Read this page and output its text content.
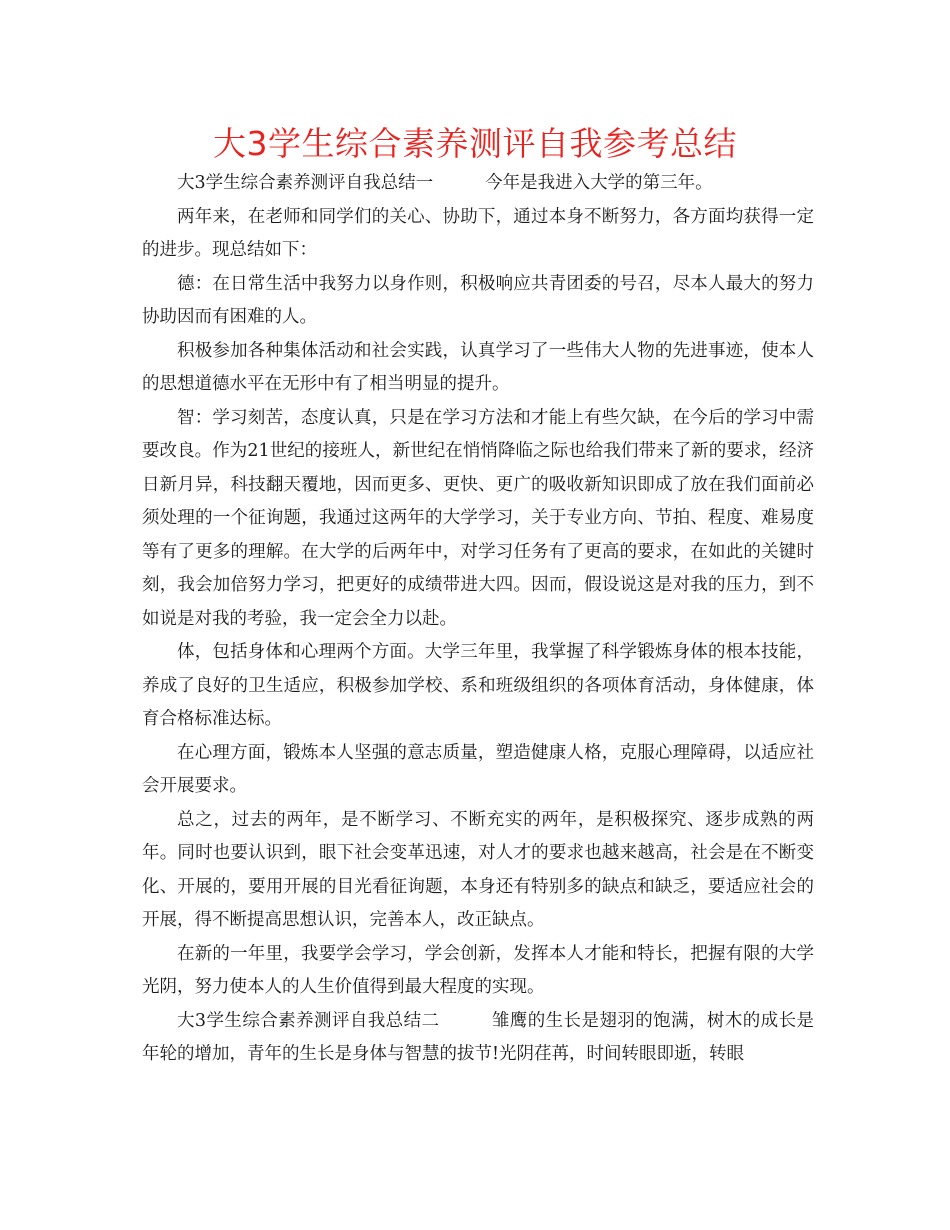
大3学生综合素养测评自我参考总结

大3学生综合素养测评自我总结一	今年是我进入大学的第三年。

两年来，在老师和同学们的关心、协助下，通过本身不断努力，各方面均获得一定的进步。现总结如下：

德：在日常生活中我努力以身作则，积极响应共青团委的号召，尽本人最大的努力协助因而有困难的人。

积极参加各种集体活动和社会实践，认真学习了一些伟大人物的先进事迹，使本人的思想道德水平在无形中有了相当明显的提升。

智：学习刻苦，态度认真，只是在学习方法和才能上有些欠缺，在今后的学习中需要改良。作为21世纪的接班人，新世纪在悄悄降临之际也给我们带来了新的要求，经济日新月异，科技翻天覆地，因而更多、更快、更广的吸收新知识即成了放在我们面前必须处理的一个征询题，我通过这两年的大学学习，关于专业方向、节拍、程度、难易度等有了更多的理解。在大学的后两年中，对学习任务有了更高的要求，在如此的关键时刻，我会加倍努力学习，把更好的成绩带进大四。因而，假设说这是对我的压力，到不如说是对我的考验，我一定会全力以赴。

体，包括身体和心理两个方面。大学三年里，我掌握了科学锻炼身体的根本技能，养成了良好的卫生适应，积极参加学校、系和班级组织的各项体育活动，身体健康，体育合格标准达标。

在心理方面，锻炼本人坚强的意志质量，塑造健康人格，克服心理障碍，以适应社会开展要求。

总之，过去的两年，是不断学习、不断充实的两年，是积极探究、逐步成熟的两年。同时也要认识到，眼下社会变革迅速，对人才的要求也越来越高，社会是在不断变化、开展的，要用开展的目光看征询题，本身还有特别多的缺点和缺乏，要适应社会的开展，得不断提高思想认识，完善本人，改正缺点。

在新的一年里，我要学会学习，学会创新，发挥本人才能和特长，把握有限的大学光阴，努力使本人的人生价值得到最大程度的实现。

大3学生综合素养测评自我总结二	雏鹰的生长是翅羽的饱满，树木的成长是年轮的增加，青年的生长是身体与智慧的拔节!光阴荏苒，时间转眼即逝，转眼
